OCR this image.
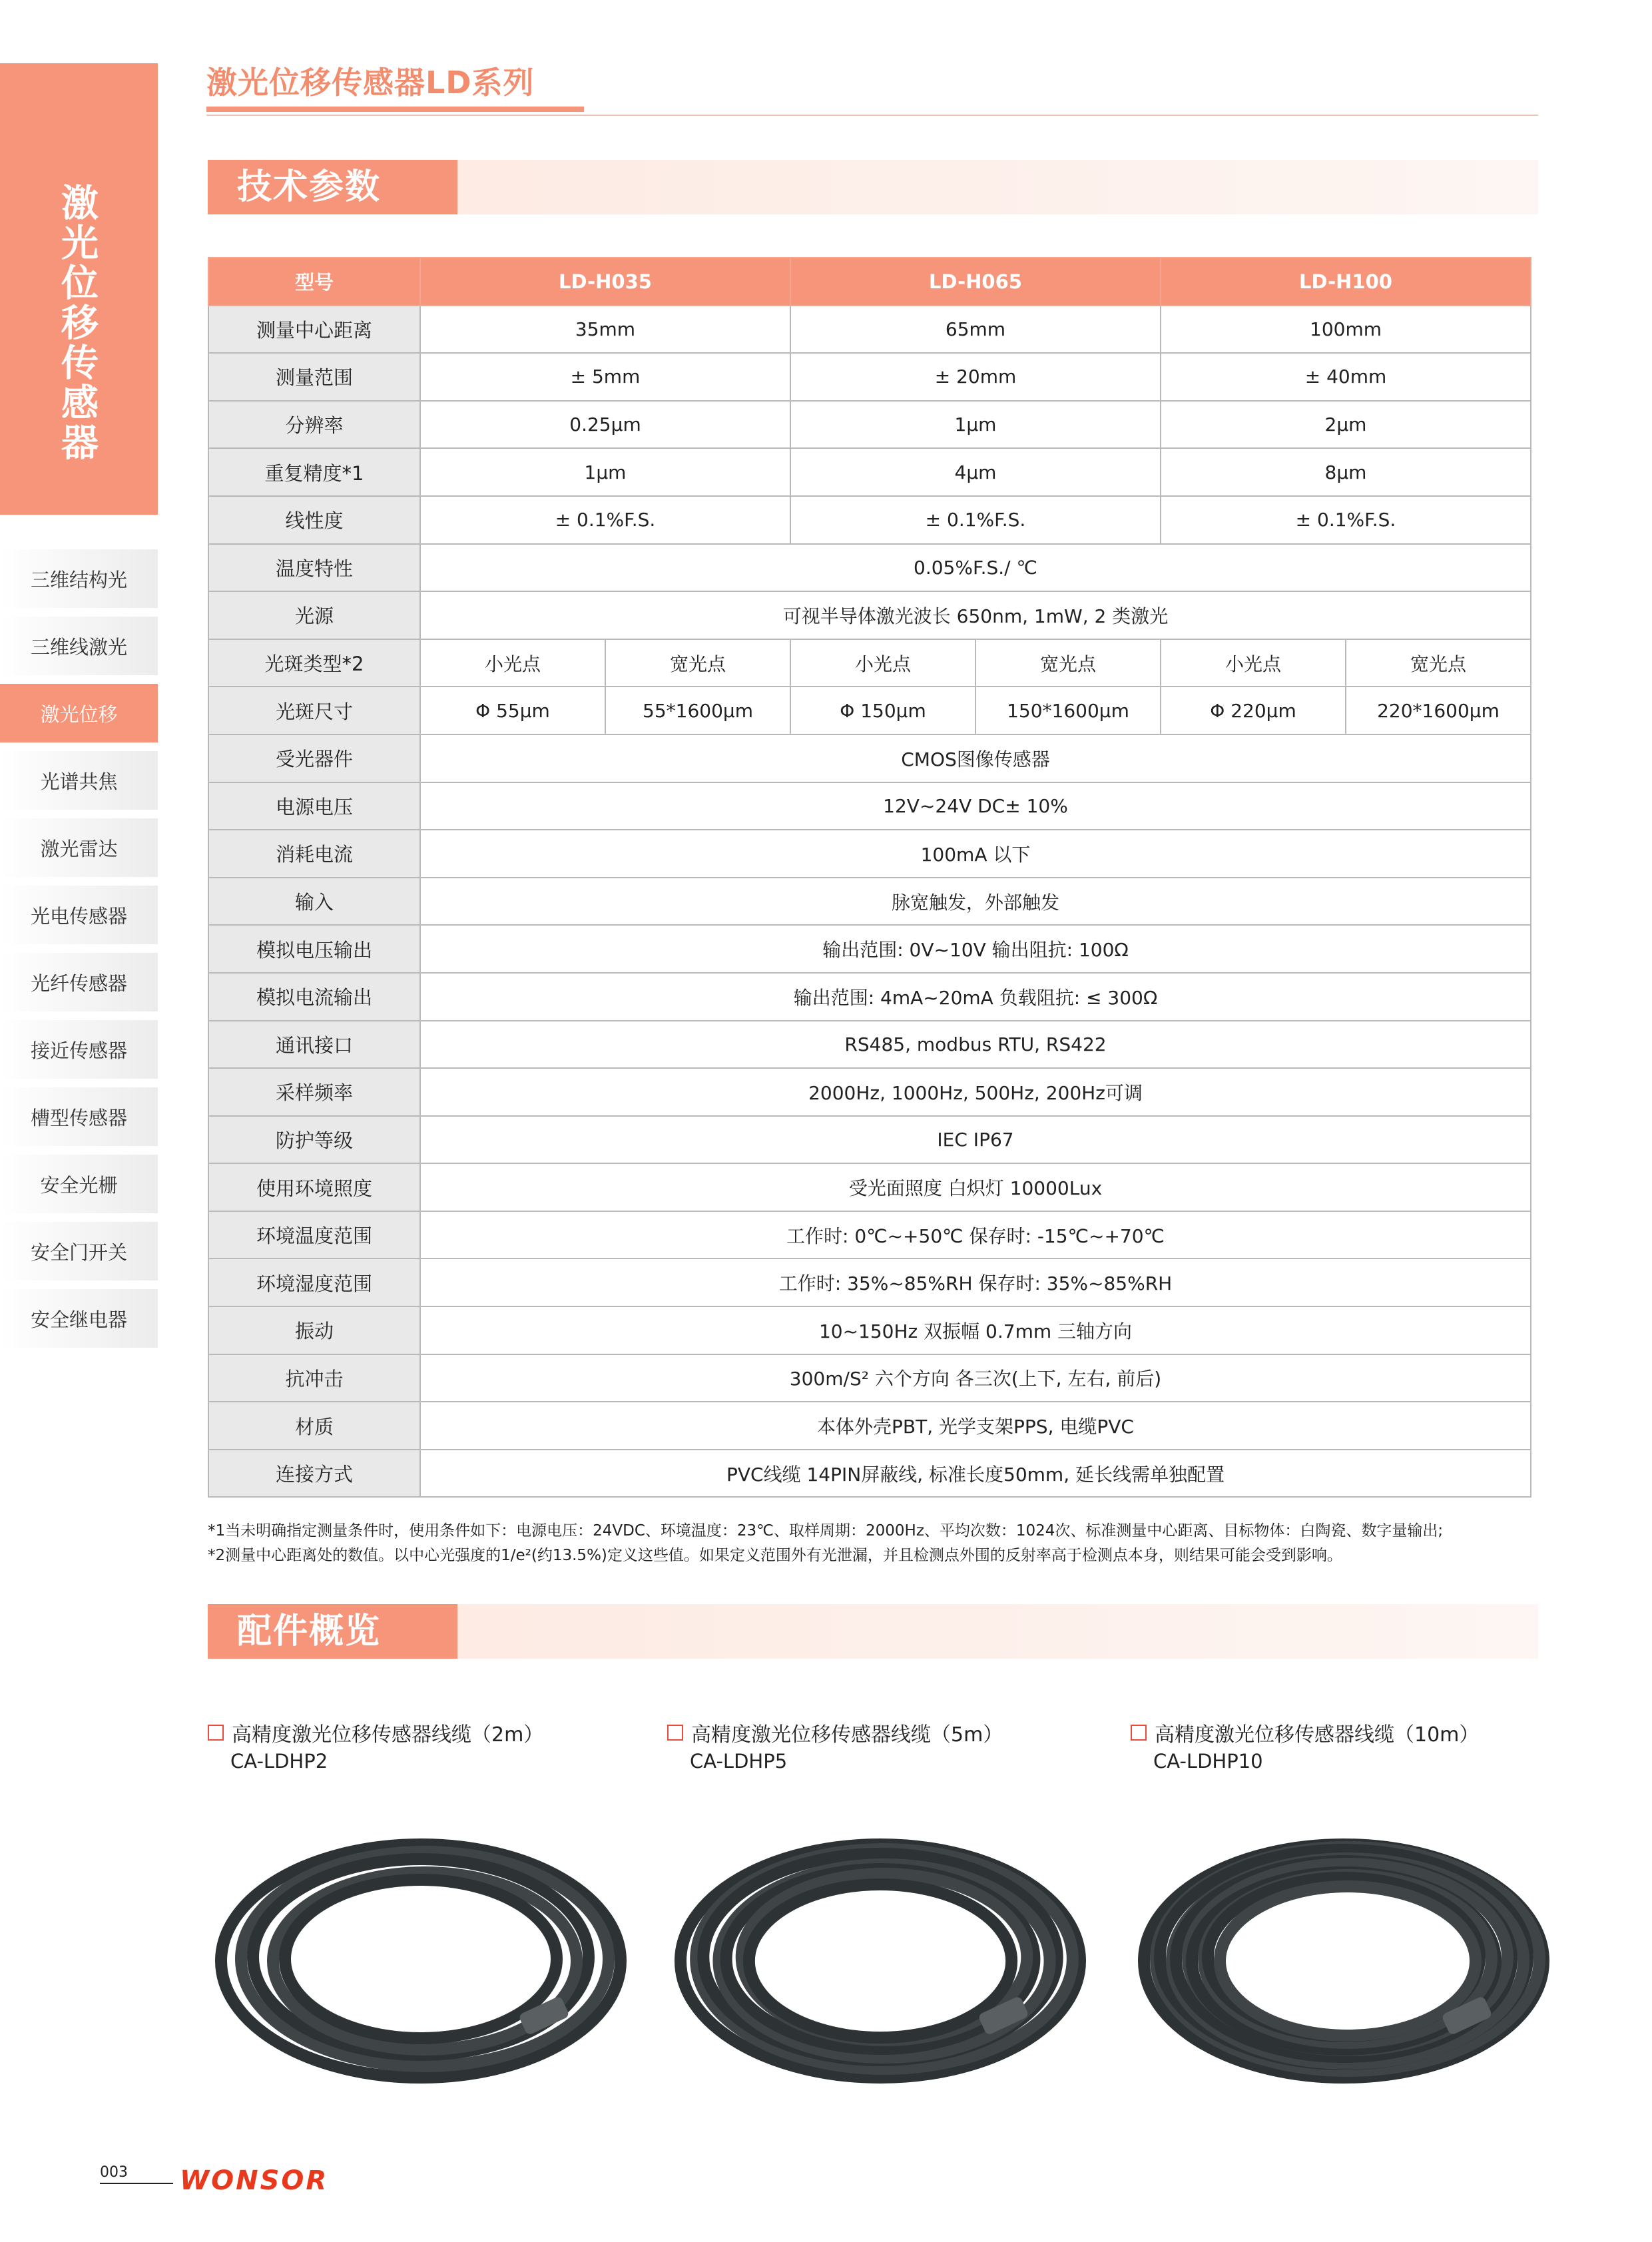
激光位移传感器
三维结构光
三维线激光
激光位移
光谱共焦
激光雷达
光电传感器
光纤传感器
接近传感器
槽型传感器
安全光栅
安全门开关
安全继电器
激光位移传感器LD系列
技术参数
型号	LD-H035		LD-H065		LD-H100	
测量中心距离	35mm		65mm		100mm	
测量范围	± 5mm		± 20mm		± 40mm	
分辨率	0.25μm		1μm		2μm	
重复精度*1	1μm		4μm		8μm	
线性度	± 0.1%F.S.		± 0.1%F.S.		± 0.1%F.S.	
温度特性	0.05%F.S./ ℃					
光源	可视半导体激光波长 650nm, 1mW, 2 类激光					
光斑类型*2	小光点	宽光点	小光点	宽光点	小光点	宽光点
光斑尺寸	Φ 55μm	55*1600μm	Φ 150μm	150*1600μm	Φ 220μm	220*1600μm
受光器件	CMOS图像传感器					
电源电压	12V~24V DC± 10%					
消耗电流	100mA 以下					
输入	脉宽触发，外部触发					
模拟电压输出	输出范围: 0V~10V 输出阻抗: 100Ω					
模拟电流输出	输出范围: 4mA~20mA 负载阻抗: ≤ 300Ω					
通讯接口	RS485, modbus RTU, RS422					
采样频率	2000Hz, 1000Hz, 500Hz, 200Hz可调					
防护等级	IEC IP67					
使用环境照度	受光面照度 白炽灯 10000Lux					
环境温度范围	工作时: 0℃~+50℃ 保存时: -15℃~+70℃					
环境湿度范围	工作时: 35%~85%RH 保存时: 35%~85%RH					
振动	10~150Hz 双振幅 0.7mm 三轴方向					
抗冲击	300m/S² 六个方向 各三次(上下, 左右, 前后)					
材质	本体外壳PBT, 光学支架PPS, 电缆PVC					
连接方式	PVC线缆 14PIN屏蔽线, 标准长度50mm, 延长线需单独配置					
*1当未明确指定测量条件时，使用条件如下：电源电压：24VDC、环境温度：23℃、取样周期：2000Hz、平均次数：1024次、标准测量中心距离、目标物体：白陶瓷、数字量输出;
*2测量中心距离处的数值。以中心光强度的1/e²(约13.5%)定义这些值。如果定义范围外有光泄漏，并且检测点外围的反射率高于检测点本身，则结果可能会受到影响。
配件概览
高精度激光位移传感器线缆（2m）
CA-LDHP2
高精度激光位移传感器线缆（5m）
CA-LDHP5
高精度激光位移传感器线缆（10m）
CA-LDHP10
003 WONSOR
